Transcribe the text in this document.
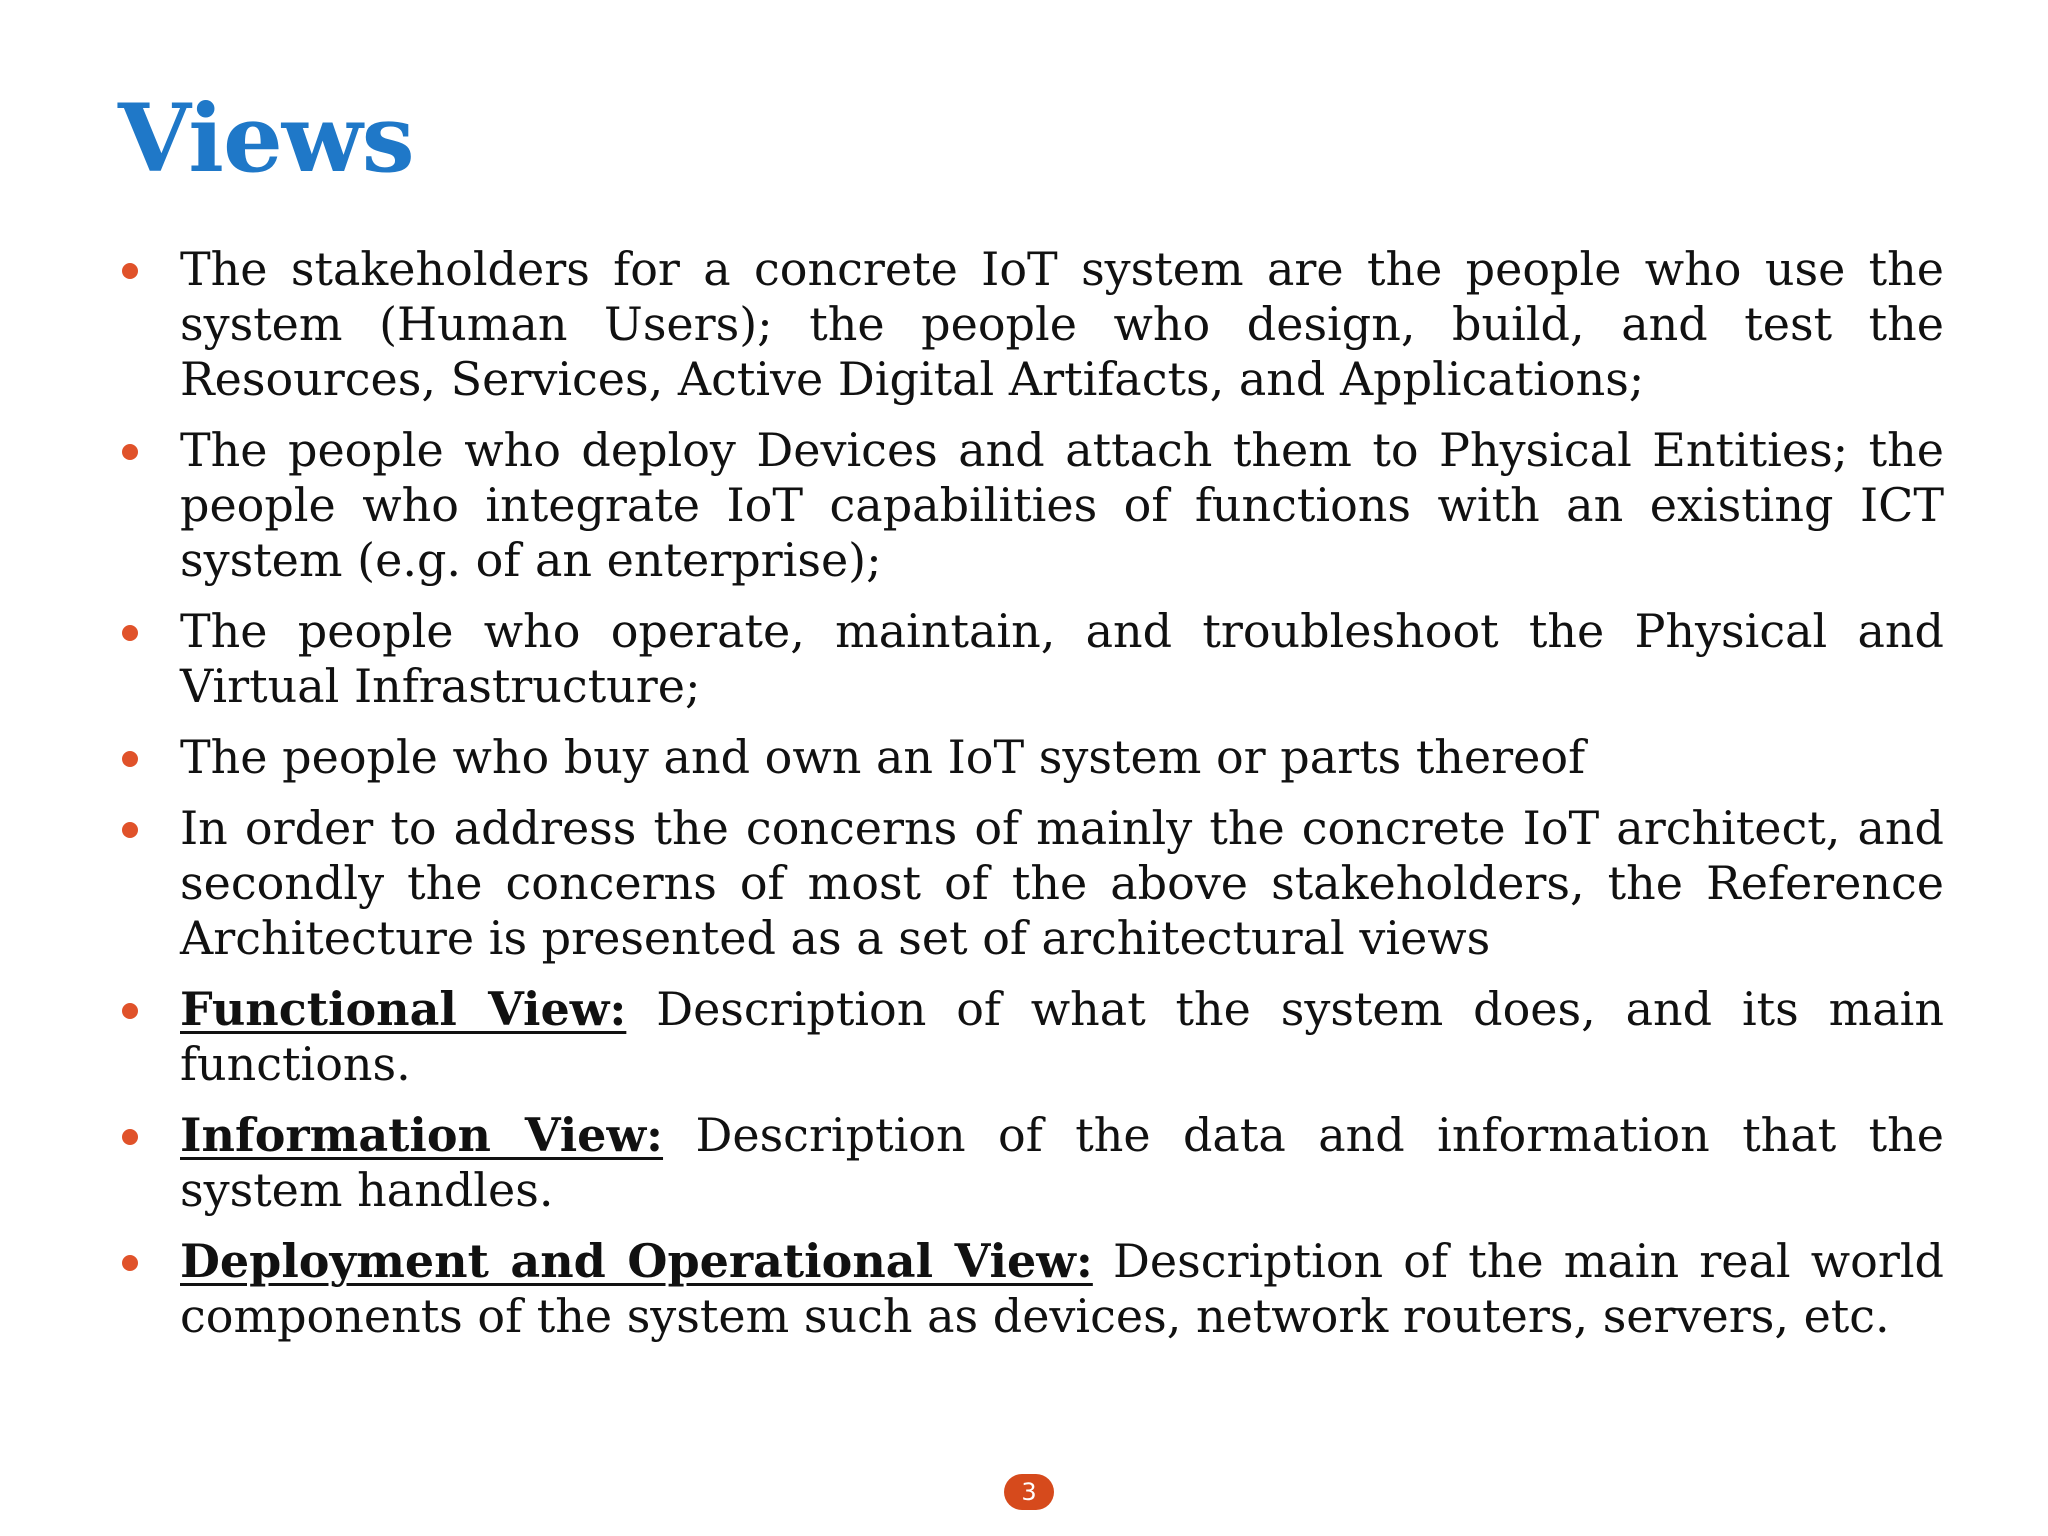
Views
The stakeholders for a concrete IoT system are the people who use the system (Human Users); the people who design, build, and test the Resources, Services, Active Digital Artifacts, and Applications;
The people who deploy Devices and attach them to Physical Entities; the people who integrate IoT capabilities of functions with an existing ICT system (e.g. of an enterprise);
The people who operate, maintain, and troubleshoot the Physical and Virtual Infrastructure;
The people who buy and own an IoT system or parts thereof
In order to address the concerns of mainly the concrete IoT architect, and secondly the concerns of most of the above stakeholders, the Reference Architecture is presented as a set of architectural views
Functional View: Description of what the system does, and its main functions.
Information View: Description of the data and information that the system handles.
Deployment and Operational View: Description of the main real world components of the system such as devices, network routers, servers, etc.
3
